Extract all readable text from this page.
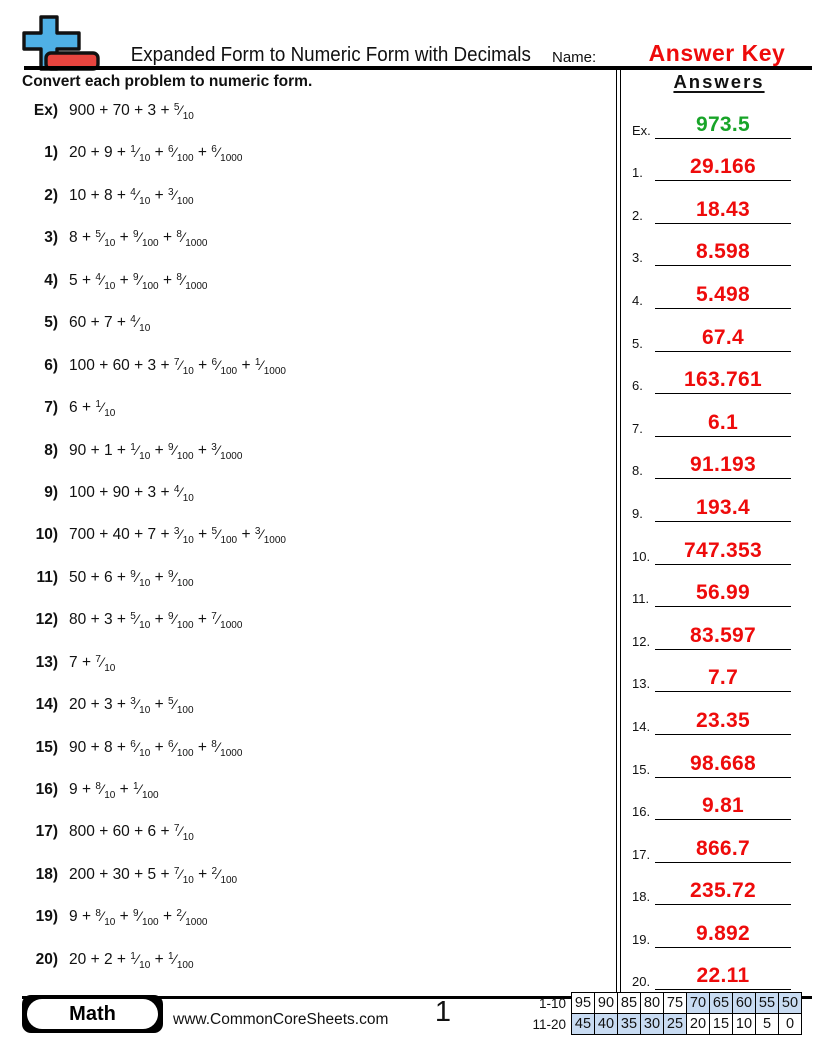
Expanded Form to Numeric Form with Decimals Name:	Answer Key
Convert each problem to numeric form.	Answers
Ex) $900 + 70 + 3 + ^5⁄_{10}$
1) $20 + 9 + ^1⁄_{10}$ + $^6⁄_{100}$ + $^6⁄_{1000}$
2) $10 + 8 + ^4⁄_{10}$ + $^3⁄_{100}$
3) $8 + ^5⁄_{10}$ + $^9⁄_{100}$ + $^8⁄_{1000}$
4) $5 + ^4⁄_{10}$ + $^9⁄_{100}$ + $^8⁄_{1000}$
5) $60 + 7 + ^4⁄_{10}$
6) $100 + 60 + 3 + ^7⁄_{10}$ + $^6⁄_{100}$ + $^1⁄_{1000}$
7) $6 + ^1⁄_{10}$
8) $90 + 1 + ^1⁄_{10}$ + $^9⁄_{100}$ + $^3⁄_{1000}$
9) $100 + 90 + 3 + ^4⁄_{10}$
10) $700 + 40 + 7 + ^3⁄_{10}$ + $^5⁄_{100}$ + $^3⁄_{1000}$
11) $50 + 6 + ^9⁄_{10}$ + $^9⁄_{100}$
12) $80 + 3 + ^5⁄_{10}$ + $^9⁄_{100}$ + $^7⁄_{1000}$
13) $7 + ^7⁄_{10}$
14) $20 + 3 + ^3⁄_{10}$ + $^5⁄_{100}$
15) $90 + 8 + ^6⁄_{10}$ + $^6⁄_{100}$ + $^8⁄_{1000}$
16) $9 + ^8⁄_{10}$ + $^1⁄_{100}$
17) $800 + 60 + 6 + ^7⁄_{10}$
18) $200 + 30 + 5 + ^7⁄_{10}$ + $^2⁄_{100}$
19) $9 + ^8⁄_{10}$ + $^9⁄_{100}$ + $^2⁄_{1000}$
20) $20 + 2 + ^1⁄_{10}$ + $^1⁄_{100}$
Ex.	973.5
1.	29.166
2.	18.43
3.	8.598
4.	5.498
5.	67.4
6.	163.761
7.	6.1
8.	91.193
9.	193.4
10.	747.353
11.	56.99
12.	83.597
13.	7.7
14.	23.35
15.	98.668
16.	9.81
17.	866.7
18.	235.72
19.	9.892
20.	22.11
Math	www.CommonCoreSheets.com	1	1-10	95	90	85	80	75	70	65	60	55	50
11-20	45	40	35	30	25	20	15	10	5	0
